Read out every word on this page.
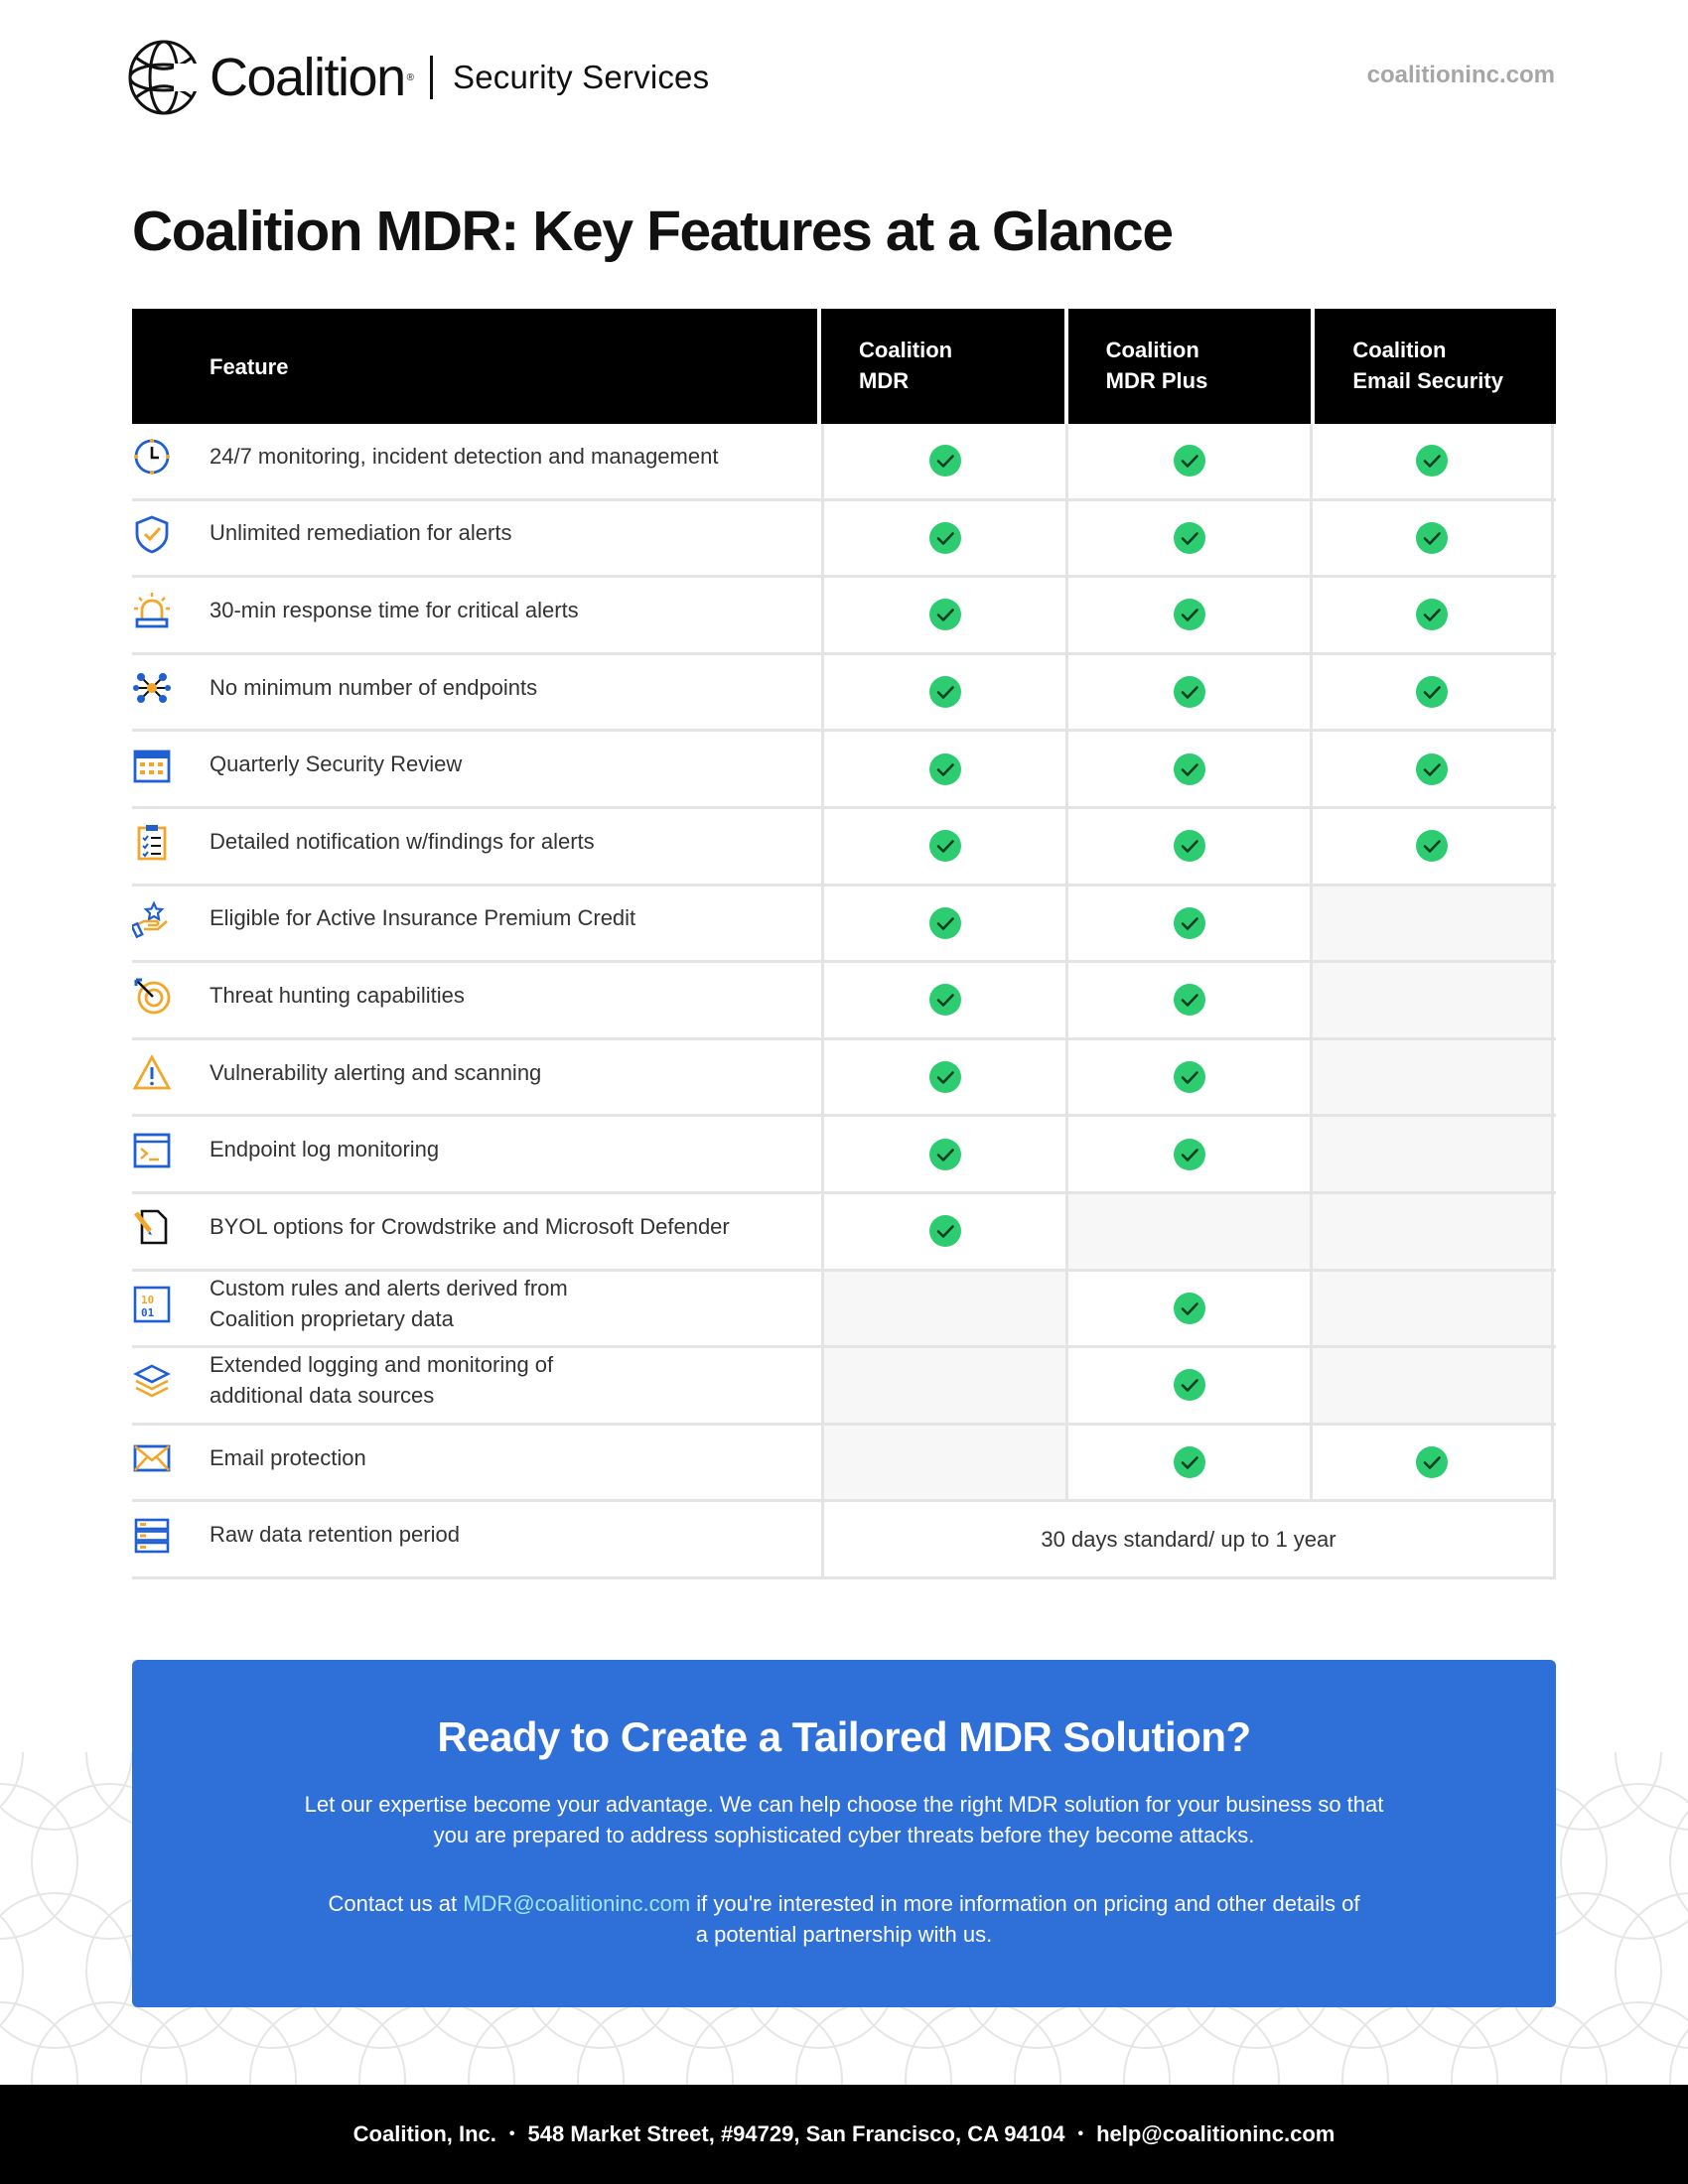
Coalition ® Security Services	coalitioninc.com
Coalition MDR: Key Features at a Glance
Feature
Coalition
MDR
Coalition
MDR Plus
Coalition
Email Security
24/7 monitoring, incident detection and management
Unlimited remediation for alerts
30-min response time for critical alerts
No minimum number of endpoints
Quarterly Security Review
Detailed notification w/findings for alerts
Eligible for Active Insurance Premium Credit
Threat hunting capabilities
Vulnerability alerting and scanning
Endpoint log monitoring
BYOL options for Crowdstrike and Microsoft Defender
10
01
Custom rules and alerts derived from
Coalition proprietary data
Extended logging and monitoring of
additional data sources
Email protection
Raw data retention period	30 days standard/ up to 1 year
Ready to Create a Tailored MDR Solution?

Let our expertise become your advantage. We can help choose the right MDR solution for your business so that
you are prepared to address sophisticated cyber threats before they become attacks.

Contact us at MDR@coalitioninc.com if you're interested in more information on pricing and other details of
a potential partnership with us.

Coalition, Inc. • 548 Market Street, #94729, San Francisco, CA 94104 • help@coalitioninc.com
